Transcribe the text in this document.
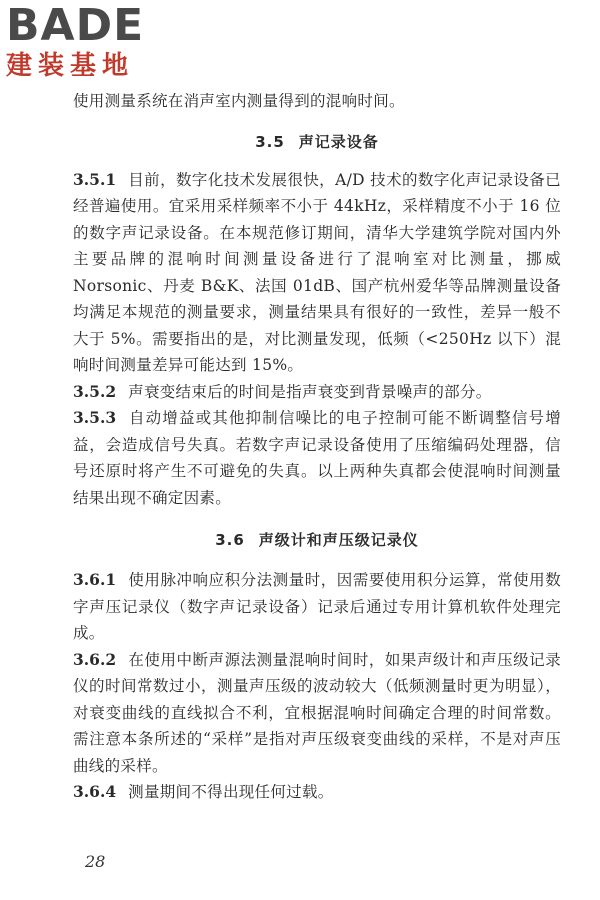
BADE
建装基地

使用测量系统在消声室内测量得到的混响时间。

3.5 声记录设备

3.5.1 目前，数字化技术发展很快，A/D 技术的数字化声记录设备已经普遍使用。宜采用采样频率不小于 44kHz，采样精度不小于 16 位的数字声记录设备。在本规范修订期间，清华大学建筑学院对国内外主要品牌的混响时间测量设备进行了混响室对比测量，挪威 Norsonic、丹麦 B&K、法国 01dB、国产杭州爱华等品牌测量设备均满足本规范的测量要求，测量结果具有很好的一致性，差异一般不大于 5%。需要指出的是，对比测量发现，低频（<250Hz 以下）混响时间测量差异可能达到 15%。

3.5.2 声衰变结束后的时间是指声衰变到背景噪声的部分。

3.5.3 自动增益或其他抑制信噪比的电子控制可能不断调整信号增益，会造成信号失真。若数字声记录设备使用了压缩编码处理器，信号还原时将产生不可避免的失真。以上两种失真都会使混响时间测量结果出现不确定因素。

3.6 声级计和声压级记录仪

3.6.1 使用脉冲响应积分法测量时，因需要使用积分运算，常使用数字声压记录仪（数字声记录设备）记录后通过专用计算机软件处理完成。

3.6.2 在使用中断声源法测量混响时间时，如果声级计和声压级记录仪的时间常数过小，测量声压级的波动较大（低频测量时更为明显），对衰变曲线的直线拟合不利，宜根据混响时间确定合理的时间常数。需注意本条所述的“采样”是指对声压级衰变曲线的采样，不是对声压曲线的采样。

3.6.4 测量期间不得出现任何过载。

28
